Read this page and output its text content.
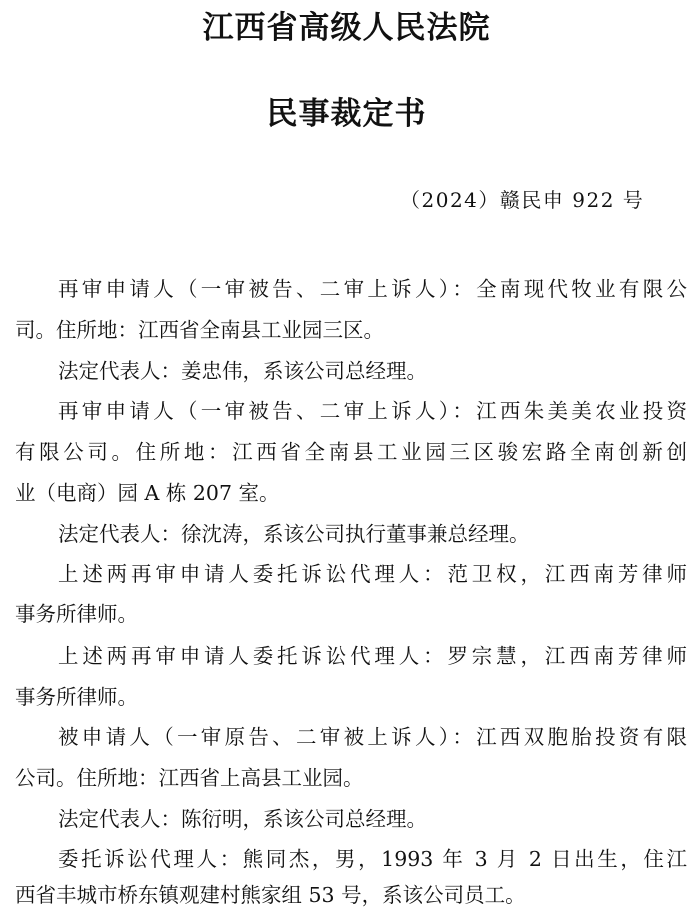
江西省高级人民法院
民事裁定书
（2024）赣民申 922 号
再审申请人（一审被告、二审上诉人）：全南现代牧业有限公
司。住所地：江西省全南县工业园三区。
法定代表人：姜忠伟，系该公司总经理。
再审申请人（一审被告、二审上诉人）：江西朱美美农业投资
有限公司。住所地：江西省全南县工业园三区骏宏路全南创新创
业（电商）园 A 栋 207 室。
法定代表人：徐沈涛，系该公司执行董事兼总经理。
上述两再审申请人委托诉讼代理人：范卫权，江西南芳律师
事务所律师。
上述两再审申请人委托诉讼代理人：罗宗慧，江西南芳律师
事务所律师。
被申请人（一审原告、二审被上诉人）：江西双胞胎投资有限
公司。住所地：江西省上高县工业园。
法定代表人：陈衍明，系该公司总经理。
委托诉讼代理人：熊同杰，男，1993 年 3 月 2 日出生，住江
西省丰城市桥东镇观建村熊家组 53 号，系该公司员工。
